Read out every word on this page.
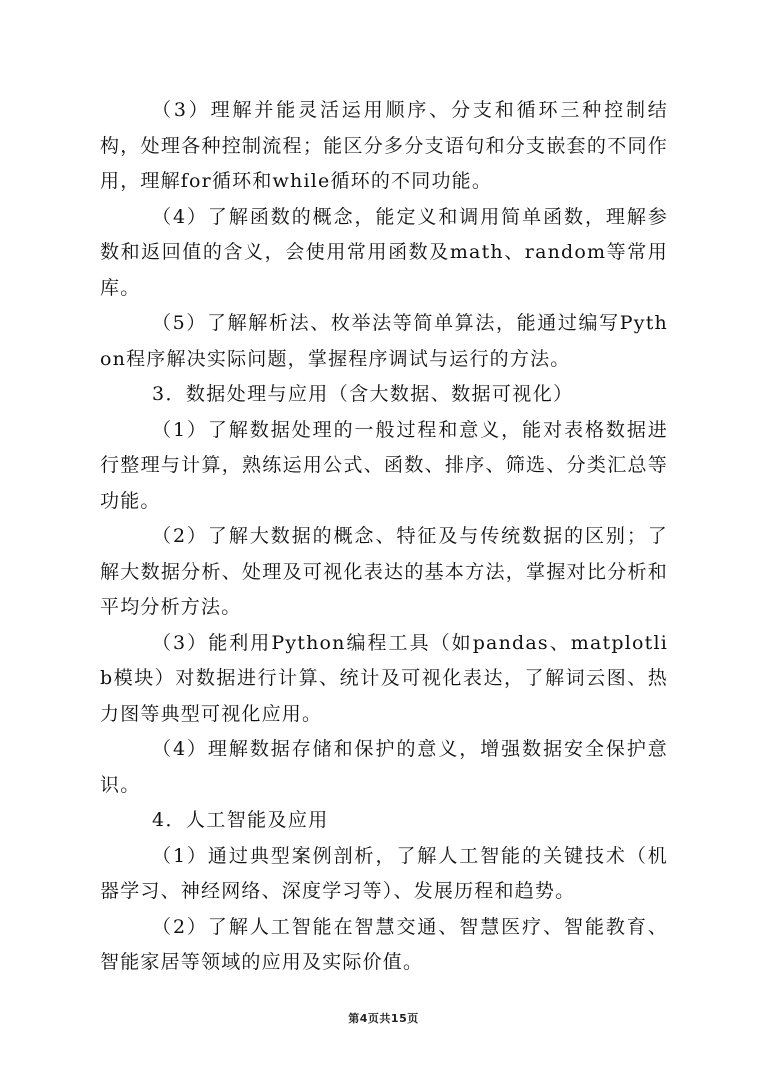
（3）理解并能灵活运用顺序、分支和循环三种控制结构，处理各种控制流程；能区分多分支语句和分支嵌套的不同作用，理解for循环和while循环的不同功能。

（4）了解函数的概念，能定义和调用简单函数，理解参数和返回值的含义，会使用常用函数及math、random等常用库。

（5）了解解析法、枚举法等简单算法，能通过编写Python程序解决实际问题，掌握程序调试与运行的方法。

3．数据处理与应用（含大数据、数据可视化）

（1）了解数据处理的一般过程和意义，能对表格数据进行整理与计算，熟练运用公式、函数、排序、筛选、分类汇总等功能。

（2）了解大数据的概念、特征及与传统数据的区别；了解大数据分析、处理及可视化表达的基本方法，掌握对比分析和平均分析方法。

（3）能利用Python编程工具（如pandas、matplotlib模块）对数据进行计算、统计及可视化表达，了解词云图、热力图等典型可视化应用。

（4）理解数据存储和保护的意义，增强数据安全保护意识。

4．人工智能及应用

（1）通过典型案例剖析，了解人工智能的关键技术（机器学习、神经网络、深度学习等）、发展历程和趋势。

（2）了解人工智能在智慧交通、智慧医疗、智能教育、智能家居等领域的应用及实际价值。

第4页共15页
